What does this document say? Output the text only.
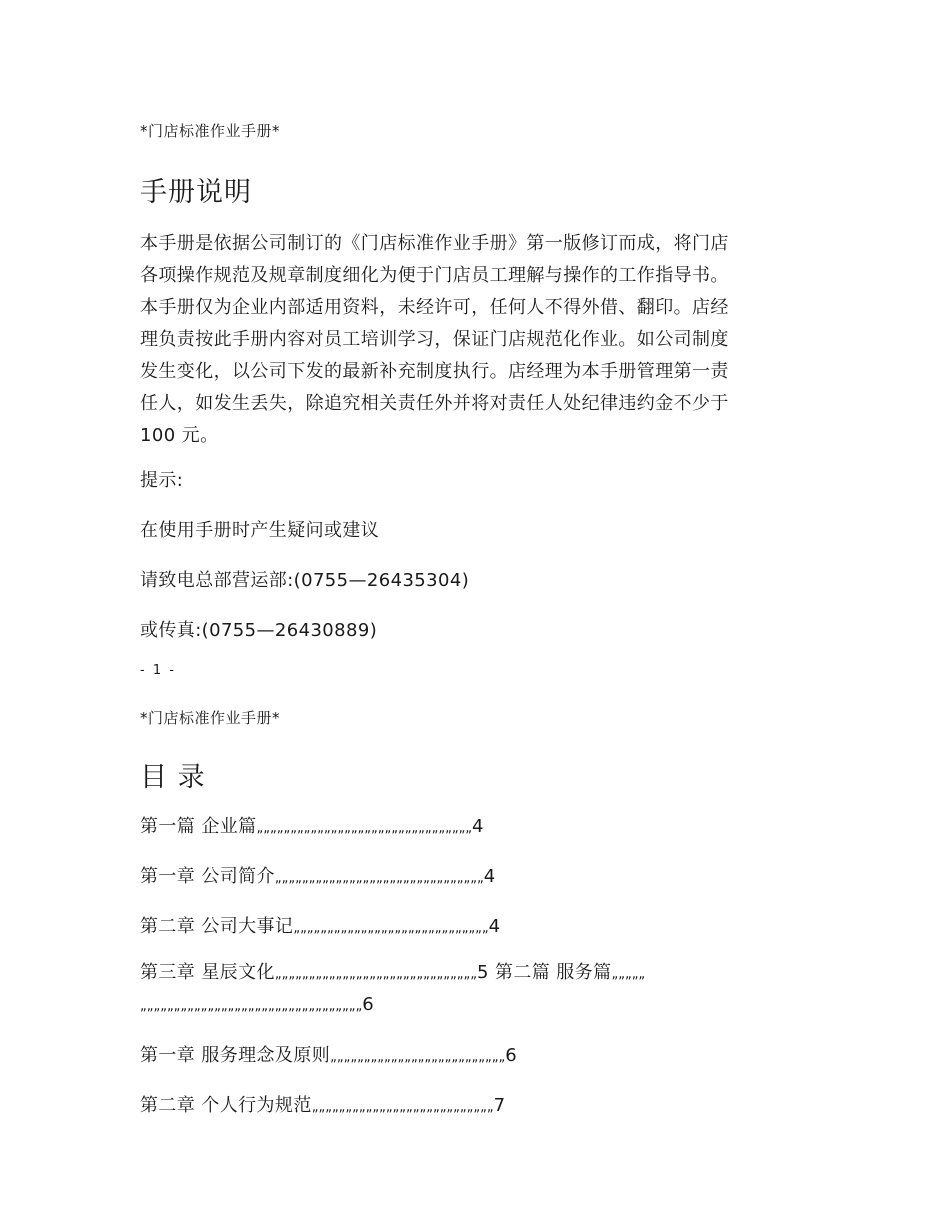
*门店标准作业手册*
手册说明
本手册是依据公司制订的《门店标准作业手册》第一版修订而成，将门店
各项操作规范及规章制度细化为便于门店员工理解与操作的工作指导书。
本手册仅为企业内部适用资料，未经许可，任何人不得外借、翻印。店经
理负责按此手册内容对员工培训学习，保证门店规范化作业。如公司制度
发生变化，以公司下发的最新补充制度执行。店经理为本手册管理第一责
任人，如发生丢失，除追究相关责任外并将对责任人处纪律违约金不少于
100 元。
提示:
在使用手册时产生疑问或建议
请致电总部营运部:(0755—26435304)
或传真:(0755—26430889)
- 1 -
*门店标准作业手册*
目 录
第一篇 企业篇„„„„„„„„„„„„„„„„„„„„„„„„„„„„„„„„4
第一章 公司简介„„„„„„„„„„„„„„„„„„„„„„„„„„„„„„„4
第二章 公司大事记„„„„„„„„„„„„„„„„„„„„„„„„„„„„„4
第三章 星辰文化„„„„„„„„„„„„„„„„„„„„„„„„„„„„„„5 第二篇 服务篇„„„„„
„„„„„„„„„„„„„„„„„„„„„„„„„„„„„„„„„6
第一章 服务理念及原则„„„„„„„„„„„„„„„„„„„„„„„„„„6
第二章 个人行为规范„„„„„„„„„„„„„„„„„„„„„„„„„„„7
